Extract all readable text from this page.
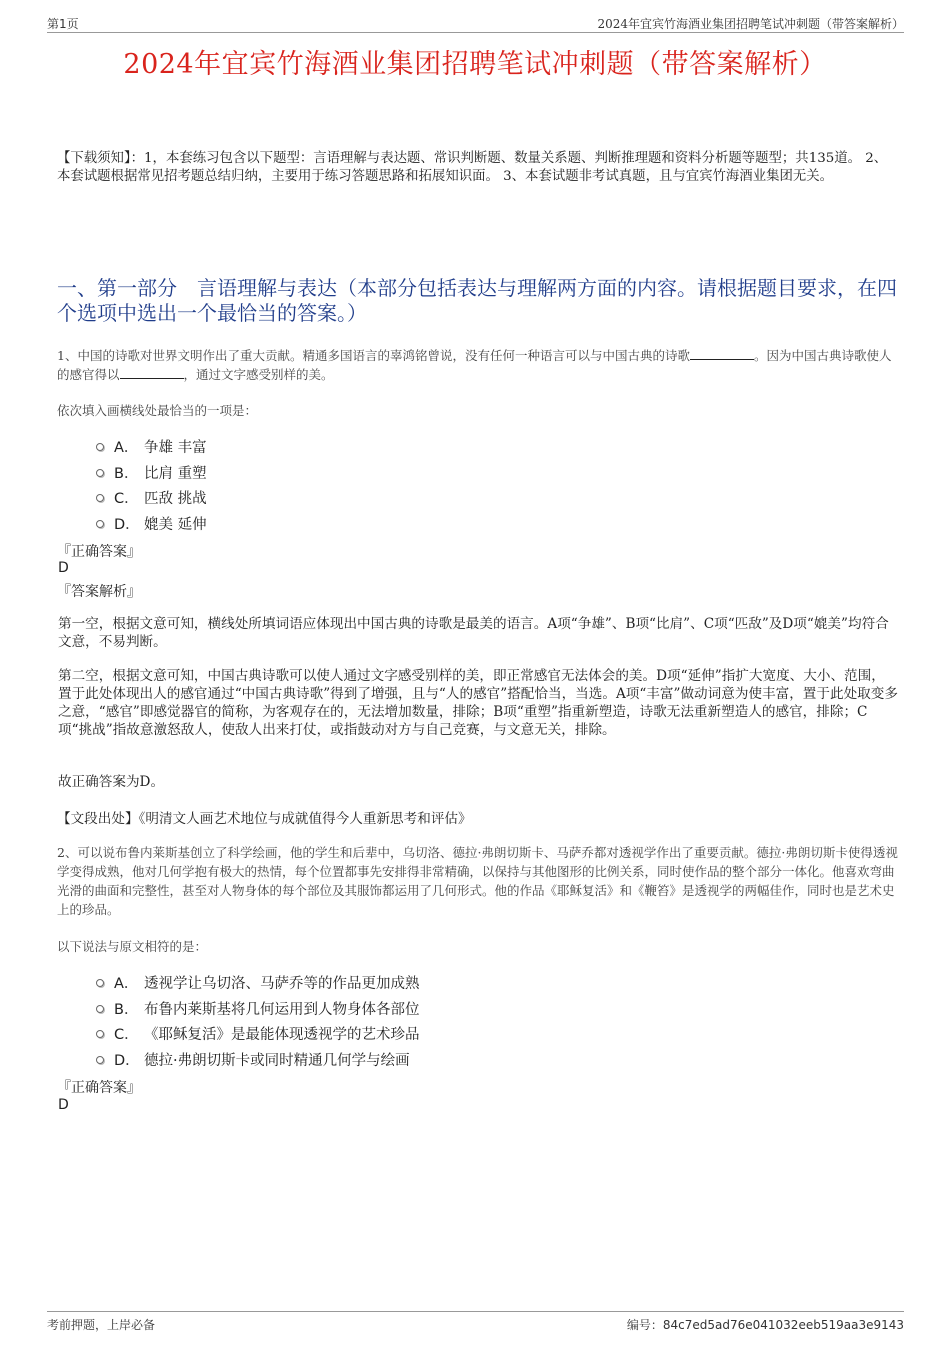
第1页	2024年宜宾竹海酒业集团招聘笔试冲刺题（带答案解析）
2024年宜宾竹海酒业集团招聘笔试冲刺题（带答案解析）
【下载须知】：1，本套练习包含以下题型：言语理解与表达题、常识判断题、数量关系题、判断推理题和资料分析题等题型；共135道。 2、本套试题根据常见招考题总结归纳，主要用于练习答题思路和拓展知识面。 3、本套试题非考试真题，且与宜宾竹海酒业集团无关。
一、第一部分　言语理解与表达（本部分包括表达与理解两方面的内容。请根据题目要求，在四个选项中选出一个最恰当的答案。）
1、中国的诗歌对世界文明作出了重大贡献。精通多国语言的辜鸿铭曾说，没有任何一种语言可以与中国古典的诗歌	。因为中国古典诗歌使人的感官得以	，通过文字感受别样的美。
依次填入画横线处最恰当的一项是：
A． 争雄 丰富
B． 比肩 重塑
C． 匹敌 挑战
D． 媲美 延伸
『正确答案』
D
『答案解析』
第一空，根据文意可知，横线处所填词语应体现出中国古典的诗歌是最美的语言。A项“争雄”、B项“比肩”、C项“匹敌”及D项“媲美”均符合文意，不易判断。
第二空，根据文意可知，中国古典诗歌可以使人通过文字感受别样的美，即正常感官无法体会的美。D项“延伸”指扩大宽度、大小、范围，置于此处体现出人的感官通过“中国古典诗歌”得到了增强，且与“人的感官”搭配恰当，当选。A项“丰富”做动词意为使丰富，置于此处取变多之意，“感官”即感觉器官的简称，为客观存在的，无法增加数量，排除；B项“重塑”指重新塑造，诗歌无法重新塑造人的感官，排除；C项“挑战”指故意激怒敌人，使敌人出来打仗，或指鼓动对方与自己竞赛，与文意无关，排除。
故正确答案为D。
【文段出处】《明清文人画艺术地位与成就值得今人重新思考和评估》
2、可以说布鲁内莱斯基创立了科学绘画，他的学生和后辈中，乌切洛、德拉·弗朗切斯卡、马萨乔都对透视学作出了重要贡献。德拉·弗朗切斯卡使得透视学变得成熟，他对几何学抱有极大的热情，每个位置都事先安排得非常精确，以保持与其他图形的比例关系，同时使作品的整个部分一体化。他喜欢弯曲光滑的曲面和完整性，甚至对人物身体的每个部位及其服饰都运用了几何形式。他的作品《耶稣复活》和《鞭笞》是透视学的两幅佳作，同时也是艺术史上的珍品。
以下说法与原文相符的是：
A． 透视学让乌切洛、马萨乔等的作品更加成熟
B． 布鲁内莱斯基将几何运用到人物身体各部位
C． 《耶稣复活》是最能体现透视学的艺术珍品
D． 德拉·弗朗切斯卡或同时精通几何学与绘画
『正确答案』
D
考前押题，上岸必备	编号：84c7ed5ad76e041032eeb519aa3e9143
